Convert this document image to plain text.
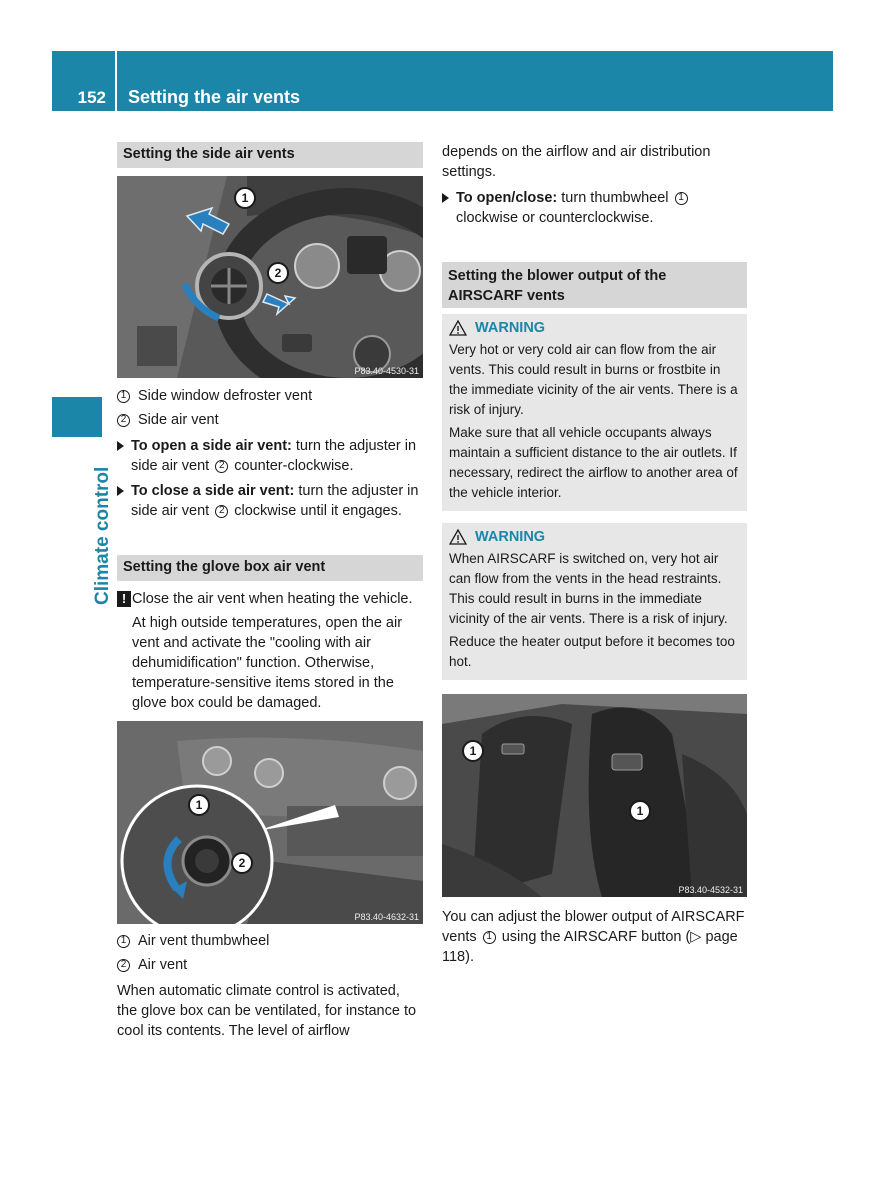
152	Setting the air vents
Climate control
Setting the side air vents
1
2
P83.40-4530-31
1 Side window defroster vent
2 Side air vent
To open a side air vent: turn the adjuster in side air vent 2 counter-clockwise.
To close a side air vent: turn the adjuster in side air vent 2 clockwise until it engages.
Setting the glove box air vent
! Close the air vent when heating the vehicle.

At high outside temperatures, open the air vent and activate the "cooling with air dehumidification" function. Otherwise, temperature-sensitive items stored in the glove box could be damaged.

1
2
P83.40-4632-31
1 Air vent thumbwheel
2 Air vent

When automatic climate control is activated, the glove box can be ventilated, for instance to cool its contents. The level of airflow

depends on the airflow and air distribution settings.

To open/close: turn thumbwheel 1 clockwise or counterclockwise.
Setting the blower output of the AIRSCARF vents
WARNING

Very hot or very cold air can flow from the air vents. This could result in burns or frostbite in the immediate vicinity of the air vents. There is a risk of injury.

Make sure that all vehicle occupants always maintain a sufficient distance to the air outlets. If necessary, redirect the airflow to another area of the vehicle interior.

WARNING

When AIRSCARF is switched on, very hot air can flow from the vents in the head restraints. This could result in burns in the immediate vicinity of the air vents. There is a risk of injury.

Reduce the heater output before it becomes too hot.

1
1
P83.40-4532-31

You can adjust the blower output of AIRSCARF vents 1 using the AIRSCARF button (▷ page 118).
